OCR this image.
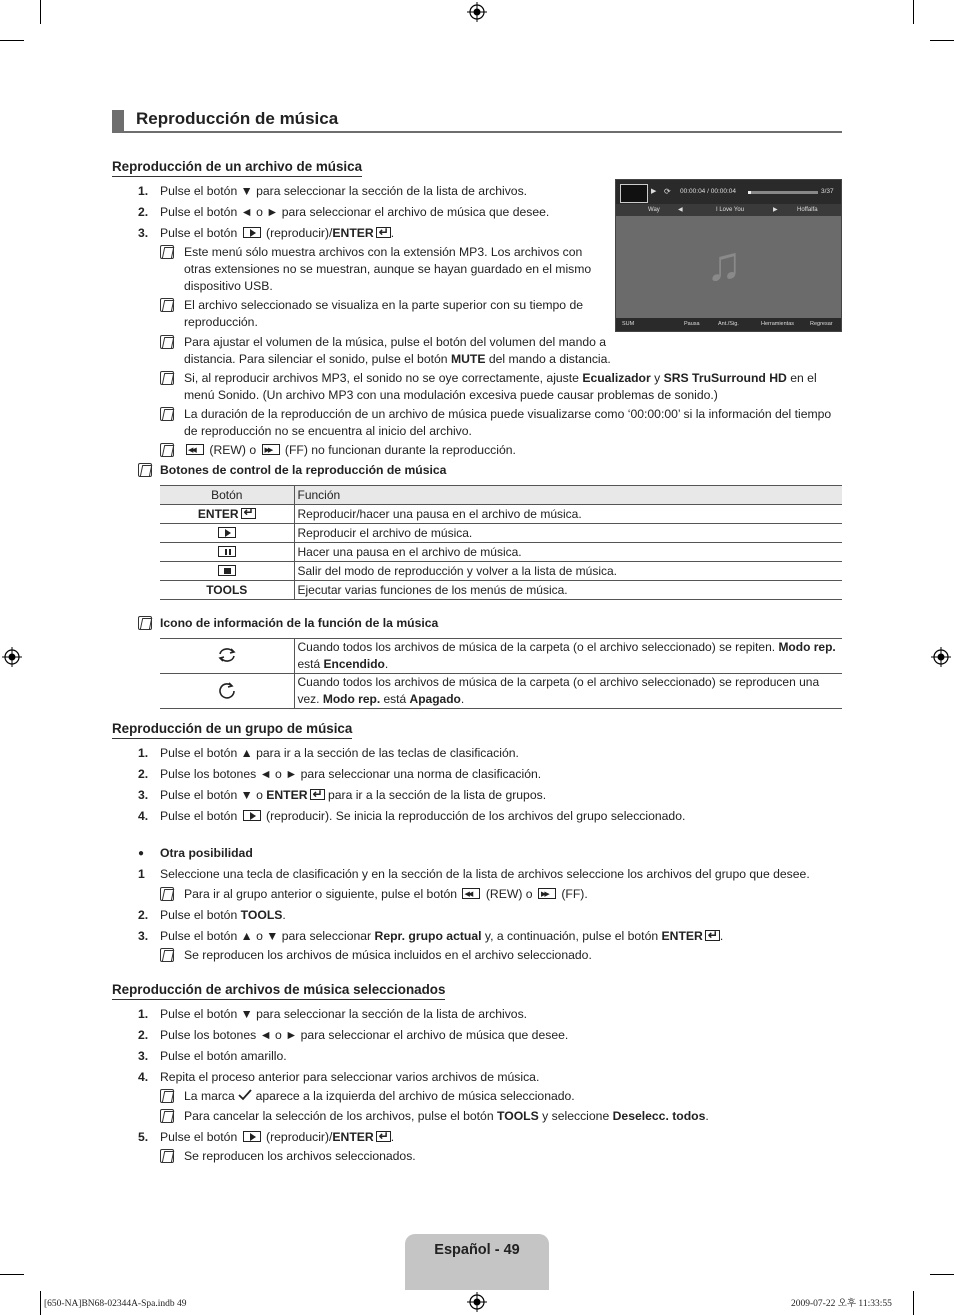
Reproducción de música
Reproducción de un archivo de música
1. Pulse el botón ▼ para seleccionar la sección de la lista de archivos.
2. Pulse el botón ◄ o ► para seleccionar el archivo de música que desee.
3. Pulse el botón (reproducir)/ENTER ↵ .
Este menú sólo muestra archivos con la extensión MP3. Los archivos con otras extensiones no se muestran, aunque se hayan guardado en el mismo dispositivo USB.
El archivo seleccionado se visualiza en la parte superior con su tiempo de reproducción.
Para ajustar el volumen de la música, pulse el botón del volumen del mando a distancia. Para silenciar el sonido, pulse el botón MUTE del mando a distancia.
Si, al reproducir archivos MP3, el sonido no se oye correctamente, ajuste Ecualizador y SRS TruSurround HD en el menú Sonido. (Un archivo MP3 con una modulación excesiva puede causar problemas de sonido.)
La duración de la reproducción de un archivo de música puede visualizarse como ‘00:00:00’ si la información del tiempo de reproducción no se encuentra al inicio del archivo.
◀◀ (REW) o ▶▶ (FF) no funcionan durante la reproducción.
Botones de control de la reproducción de música
Botón	Función
ENTER↵	Reproducir/hacer una pausa en el archivo de música.
	Reproducir el archivo de música.
	Hacer una pausa en el archivo de música.
	Salir del modo de reproducción y volver a la lista de música.
TOOLS	Ejecutar varias funciones de los menús de música.
Icono de información de la función de la música
	Cuando todos los archivos de música de la carpeta (o el archivo seleccionado) se repiten. Modo rep. está Encendido.
	Cuando todos los archivos de música de la carpeta (o el archivo seleccionado) se reproducen una vez. Modo rep. está Apagado.
▶ ⟳ 00:00:04 / 00:00:04	3/37
Way	◀	I Love You	▶	Hoffalfa
♫
SUM	Pausa	Ant./Sig.	Herramientas	Regresar
Reproducción de un grupo de música
1. Pulse el botón ▲ para ir a la sección de las teclas de clasificación.
2. Pulse los botones ◄ o ► para seleccionar una norma de clasificación.
3. Pulse el botón ▼ o ENTER↵ para ir a la sección de la lista de grupos.
4. Pulse el botón (reproducir). Se inicia la reproducción de los archivos del grupo seleccionado.
●	Otra posibilidad
1	Seleccione una tecla de clasificación y en la sección de la lista de archivos seleccione los archivos del grupo que desee.
Para ir al grupo anterior o siguiente, pulse el botón ◀◀ (REW) o ▶▶ (FF).
2. Pulse el botón TOOLS.
3. Pulse el botón ▲ o ▼ para seleccionar Repr. grupo actual y, a continuación, pulse el botón ENTER ↵ .
Se reproducen los archivos de música incluidos en el archivo seleccionado.
Reproducción de archivos de música seleccionados
1. Pulse el botón ▼ para seleccionar la sección de la lista de archivos.
2. Pulse los botones ◄ o ► para seleccionar el archivo de música que desee.
3. Pulse el botón amarillo.
4. Repita el proceso anterior para seleccionar varios archivos de música.
La marca aparece a la izquierda del archivo de música seleccionado.
Para cancelar la selección de los archivos, pulse el botón TOOLS y seleccione Deselecc. todos.
5. Pulse el botón (reproducir)/ENTER ↵ .
Se reproducen los archivos seleccionados.
Español - 49
[650-NA]BN68-02344A-Spa.indb 49	2009-07-22 오후 11:33:55
